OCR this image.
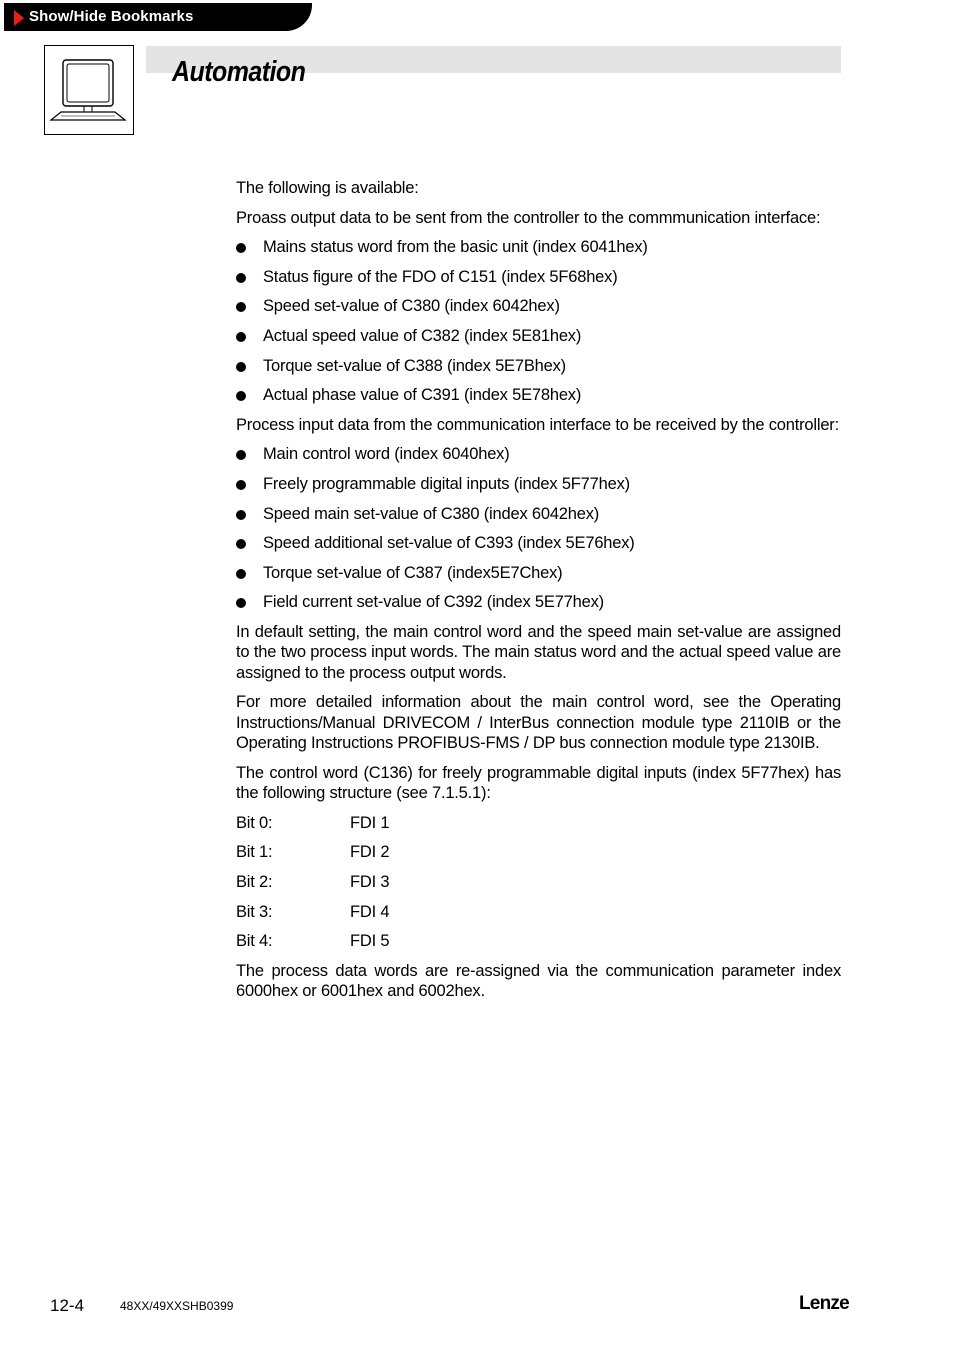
Show/Hide Bookmarks
Automation

The following is available:

Proass output data to be sent from the controller to the commmunication interface:

Mains status word from the basic unit (index 6041hex)
Status figure of the FDO of C151 (index 5F68hex)
Speed set-value of C380 (index 6042hex)
Actual speed value of C382 (index 5E81hex)
Torque set-value of C388 (index 5E7Bhex)
Actual phase value of C391 (index 5E78hex)

Process input data from the communication interface to be received by the controller:

Main control word (index 6040hex)
Freely programmable digital inputs (index 5F77hex)
Speed main set-value of C380 (index 6042hex)
Speed additional set-value of C393 (index 5E76hex)
Torque set-value of C387 (index5E7Chex)
Field current set-value of C392 (index 5E77hex)

In default setting, the main control word and the speed main set-value are assigned to the two process input words. The main status word and the actual speed value are assigned to the process output words.

For more detailed information about the main control word, see the Operating Instructions/Manual DRIVECOM / InterBus connection module type 2110IB or the Operating Instructions PROFIBUS-FMS / DP bus connection module type 2130IB.

The control word (C136) for freely programmable digital inputs (index 5F77hex) has the following structure (see 7.1.5.1):

Bit 0:	FDI 1
Bit 1:	FDI 2
Bit 2:	FDI 3
Bit 3:	FDI 4
Bit 4:	FDI 5

The process data words are re-assigned via the communication parameter index 6000hex or 6001hex and 6002hex.

12-4	48XX/49XXSHB0399	Lenze
